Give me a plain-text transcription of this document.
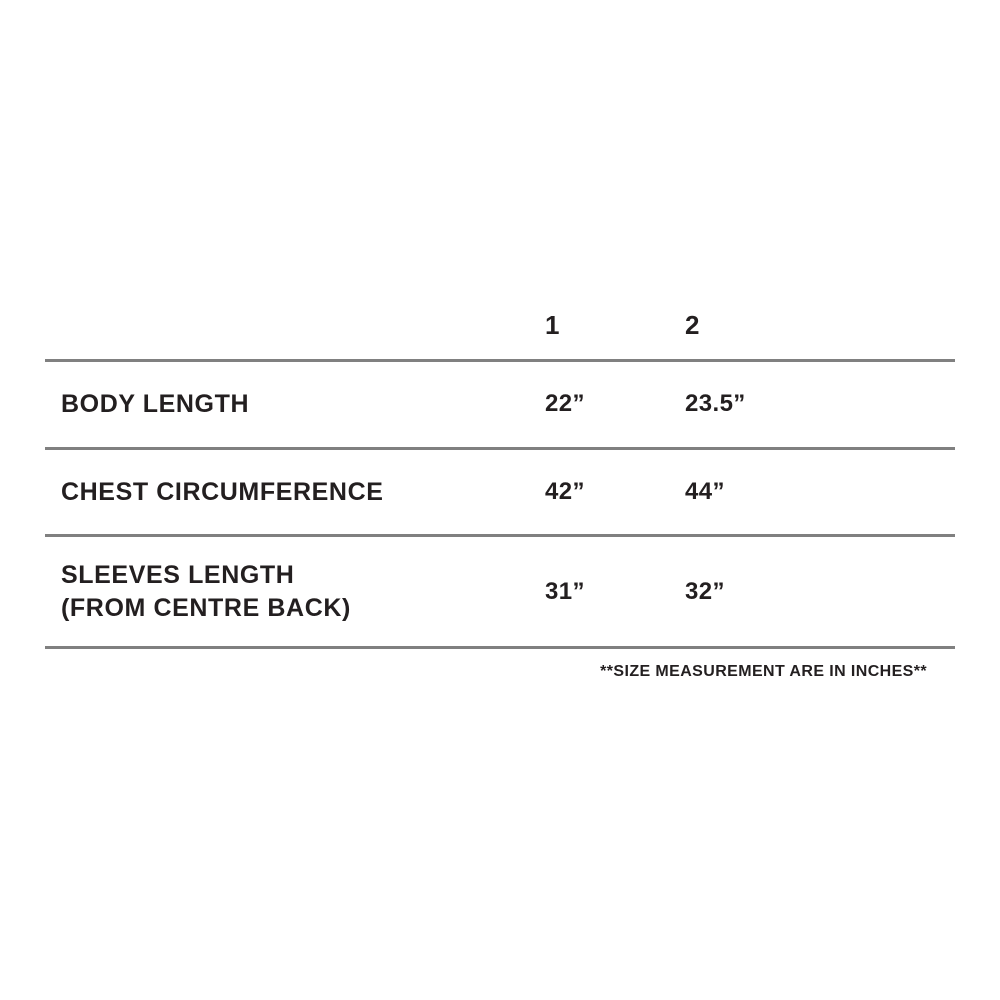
	1	2	
BODY LENGTH	22”	23.5”	
CHEST CIRCUMFERENCE	42”	44”	
SLEEVES LENGTH
(FROM CENTRE BACK)	31”	32”	
**SIZE MEASUREMENT ARE IN INCHES**
